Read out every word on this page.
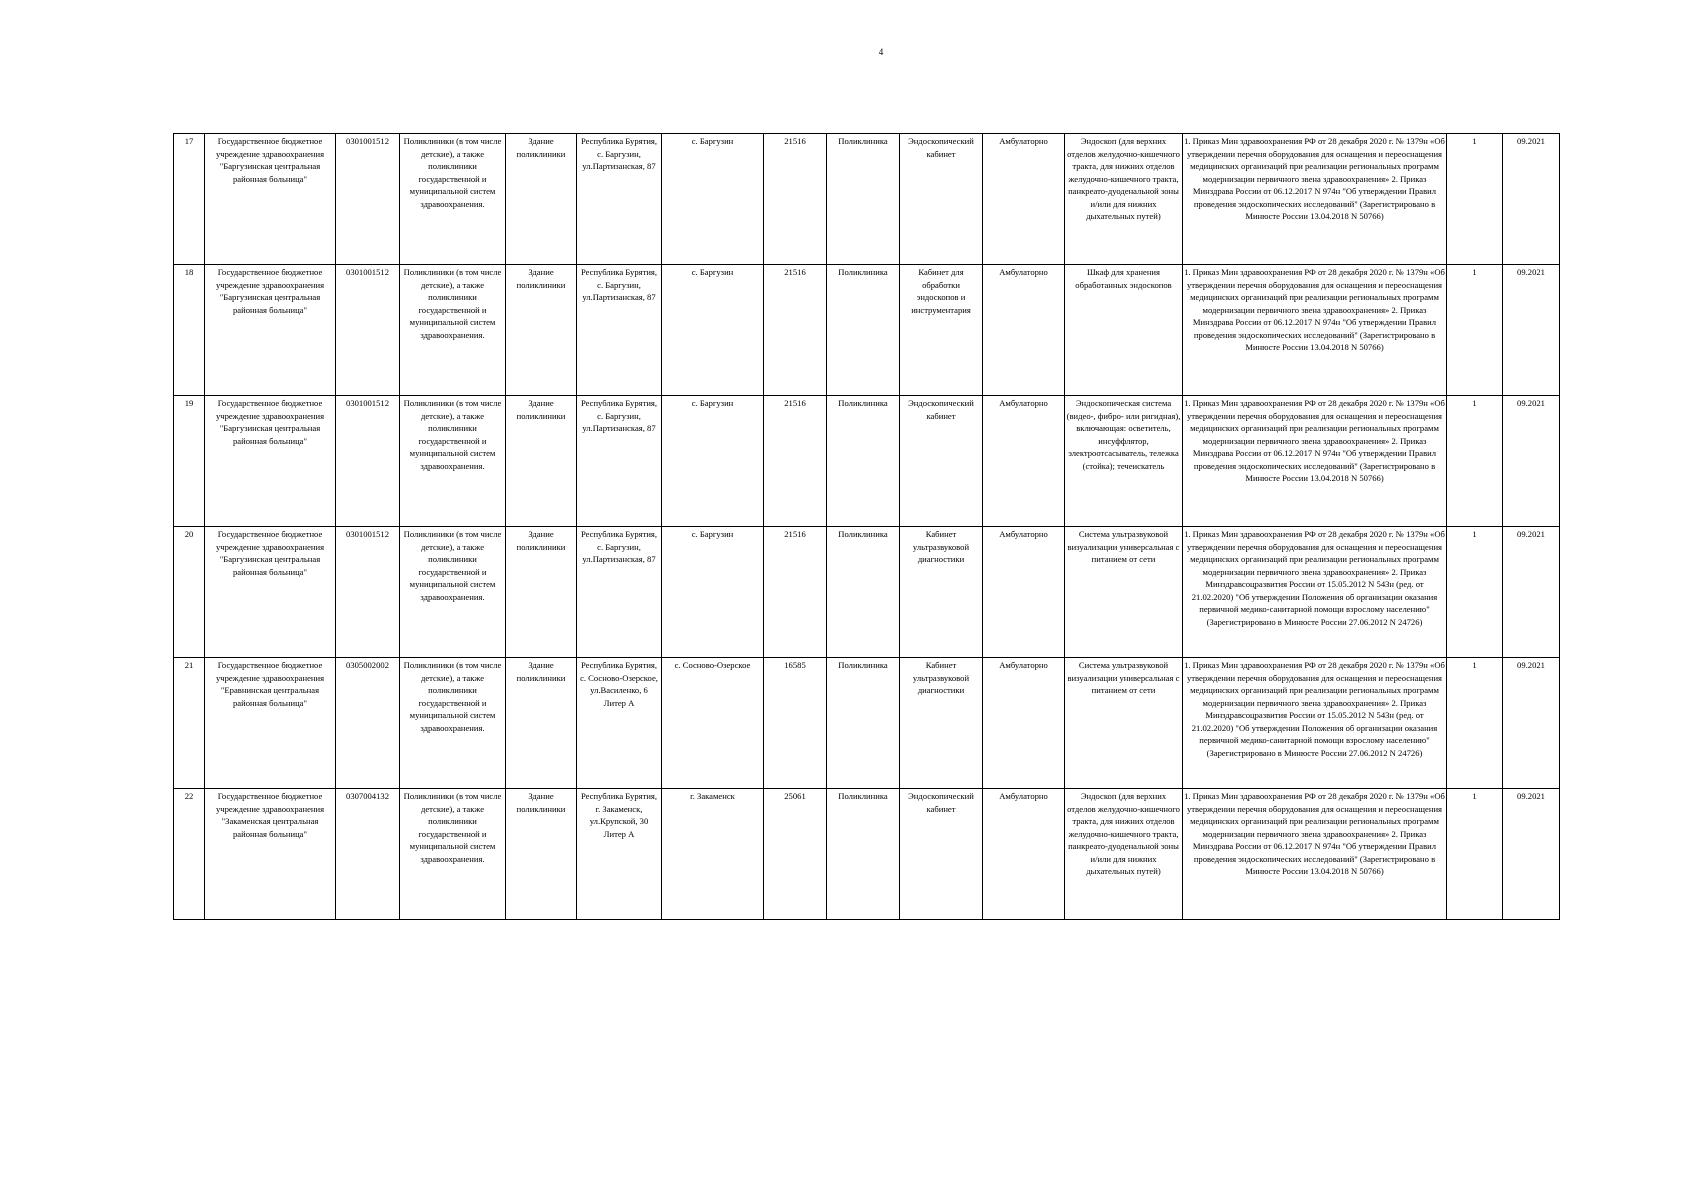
4
17	Государственное бюджетное учреждение здравоохранения "Баргузинская центральная районная больница"	0301001512	Поликлиники (в том числе детские), а также поликлиники государственной и муниципальной систем здравоохранения.	Здание поликлиники	Республика Бурятия, с. Баргузин, ул.Партизанская, 87	с. Баргузин	21516	Поликлиника	Эндоскопический кабинет	Амбулаторно	Эндоскоп (для верхних отделов желудочно-кишечного тракта, для нижних отделов желудочно-кишечного тракта, панкреато-дуоденальной зоны и/или для нижних дыхательных путей)	1. Приказ Мин здравоохранения РФ от 28 декабря 2020 г. № 1379н «Об утверждении перечня оборудования для оснащения и переоснащения медицинских организаций при реализации региональных программ модернизации первичного звена здравоохранения» 2. Приказ Минздрава России от 06.12.2017 N 974н "Об утверждении Правил проведения эндоскопических исследований" (Зарегистрировано в Минюсте России 13.04.2018 N 50766)	1	09.2021
18	Государственное бюджетное учреждение здравоохранения "Баргузинская центральная районная больница"	0301001512	Поликлиники (в том числе детские), а также поликлиники государственной и муниципальной систем здравоохранения.	Здание поликлиники	Республика Бурятия, с. Баргузин, ул.Партизанская, 87	с. Баргузин	21516	Поликлиника	Кабинет для обработки эндоскопов и инструментария	Амбулаторно	Шкаф для хранения обработанных эндоскопов	1. Приказ Мин здравоохранения РФ от 28 декабря 2020 г. № 1379н «Об утверждении перечня оборудования для оснащения и переоснащения медицинских организаций при реализации региональных программ модернизации первичного звена здравоохранения» 2. Приказ Минздрава России от 06.12.2017 N 974н "Об утверждении Правил проведения эндоскопических исследований" (Зарегистрировано в Минюсте России 13.04.2018 N 50766)	1	09.2021
19	Государственное бюджетное учреждение здравоохранения "Баргузинская центральная районная больница"	0301001512	Поликлиники (в том числе детские), а также поликлиники государственной и муниципальной систем здравоохранения.	Здание поликлиники	Республика Бурятия, с. Баргузин, ул.Партизанская, 87	с. Баргузин	21516	Поликлиника	Эндоскопический кабинет	Амбулаторно	Эндоскопическая система (видео-, фибро- или ригидная), включающая: осветитель, инсуффлятор, электроотсасыватель, тележка (стойка); течеискатель	1. Приказ Мин здравоохранения РФ от 28 декабря 2020 г. № 1379н «Об утверждении перечня оборудования для оснащения и переоснащения медицинских организаций при реализации региональных программ модернизации первичного звена здравоохранения» 2. Приказ Минздрава России от 06.12.2017 N 974н "Об утверждении Правил проведения эндоскопических исследований" (Зарегистрировано в Минюсте России 13.04.2018 N 50766)	1	09.2021
20	Государственное бюджетное учреждение здравоохранения "Баргузинская центральная районная больница"	0301001512	Поликлиники (в том числе детские), а также поликлиники государственной и муниципальной систем здравоохранения.	Здание поликлиники	Республика Бурятия, с. Баргузин, ул.Партизанская, 87	с. Баргузин	21516	Поликлиника	Кабинет ультразвуковой диагностики	Амбулаторно	Система ультразвуковой визуализации универсальная с питанием от сети	1. Приказ Мин здравоохранения РФ от 28 декабря 2020 г. № 1379н «Об утверждении перечня оборудования для оснащения и переоснащения медицинских организаций при реализации региональных программ модернизации первичного звена здравоохранения» 2. Приказ Минздравсоцразвития России от 15.05.2012 N 543н (ред. от 21.02.2020) "Об утверждении Положения об организации оказания первичной медико-санитарной помощи взрослому населению" (Зарегистрировано в Минюсте России 27.06.2012 N 24726)	1	09.2021
21	Государственное бюджетное учреждение здравоохранения "Еравнинская центральная районная больница"	0305002002	Поликлиники (в том числе детские), а также поликлиники государственной и муниципальной систем здравоохранения.	Здание поликлиники	Республика Бурятия, с. Сосново-Озерское, ул.Василенко, 6 Литер А	с. Сосново-Озерское	16585	Поликлиника	Кабинет ультразвуковой диагностики	Амбулаторно	Система ультразвуковой визуализации универсальная с питанием от сети	1. Приказ Мин здравоохранения РФ от 28 декабря 2020 г. № 1379н «Об утверждении перечня оборудования для оснащения и переоснащения медицинских организаций при реализации региональных программ модернизации первичного звена здравоохранения» 2. Приказ Минздравсоцразвития России от 15.05.2012 N 543н (ред. от 21.02.2020) "Об утверждении Положения об организации оказания первичной медико-санитарной помощи взрослому населению" (Зарегистрировано в Минюсте России 27.06.2012 N 24726)	1	09.2021
22	Государственное бюджетное учреждение здравоохранения "Закаменская центральная районная больница"	0307004132	Поликлиники (в том числе детские), а также поликлиники государственной и муниципальной систем здравоохранения.	Здание поликлиники	Республика Бурятия, г. Закаменск, ул.Крупской, 30 Литер А	г. Закаменск	25061	Поликлиника	Эндоскопический кабинет	Амбулаторно	Эндоскоп (для верхних отделов желудочно-кишечного тракта, для нижних отделов желудочно-кишечного тракта, панкреато-дуоденальной зоны и/или для нижних дыхательных путей)	1. Приказ Мин здравоохранения РФ от 28 декабря 2020 г. № 1379н «Об утверждении перечня оборудования для оснащения и переоснащения медицинских организаций при реализации региональных программ модернизации первичного звена здравоохранения» 2. Приказ Минздрава России от 06.12.2017 N 974н "Об утверждении Правил проведения эндоскопических исследований" (Зарегистрировано в Минюсте России 13.04.2018 N 50766)	1	09.2021
